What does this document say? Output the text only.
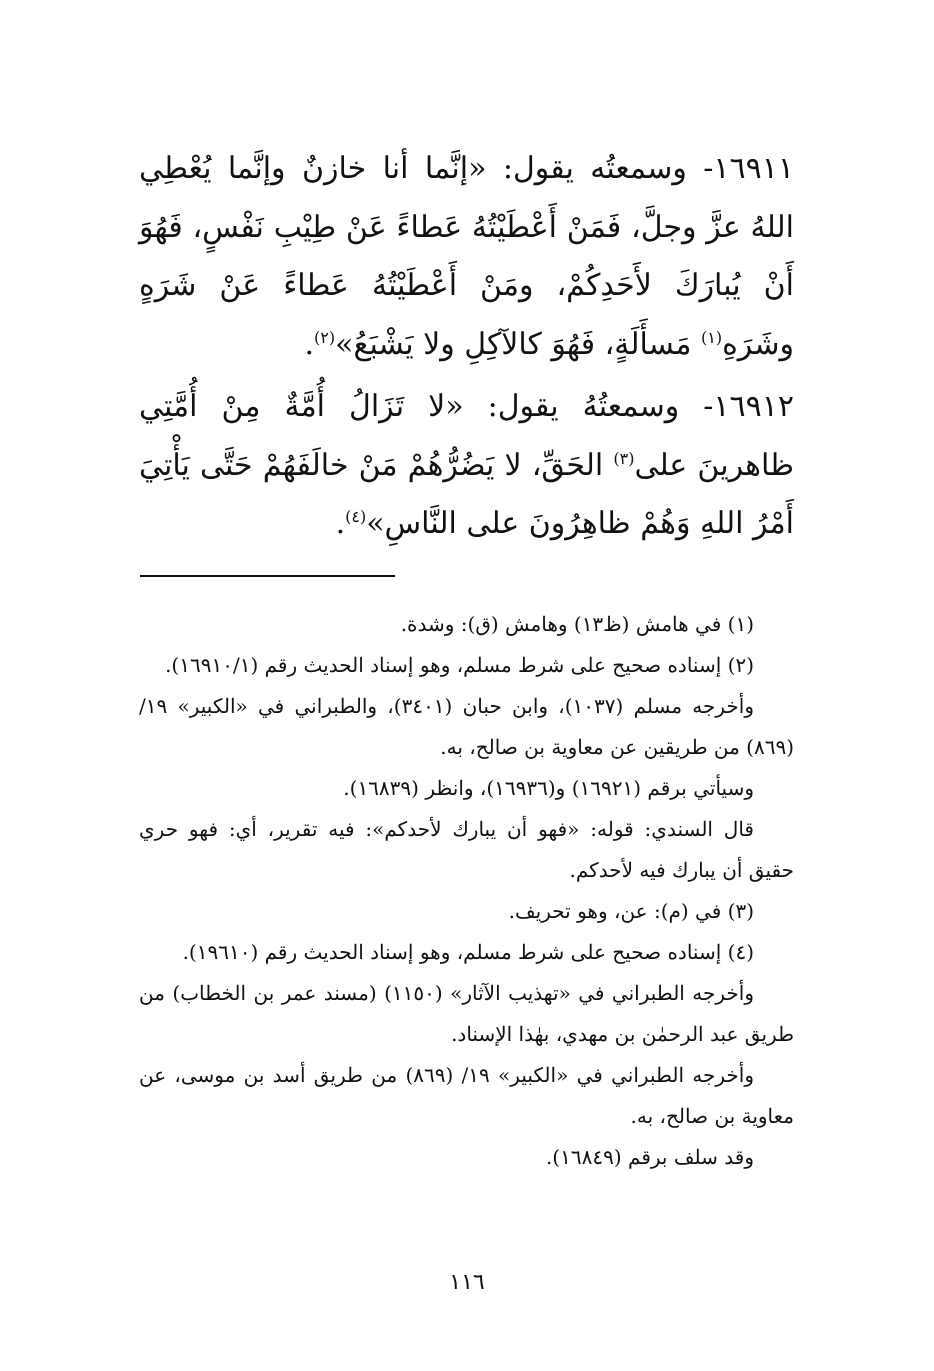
١٦٩١١- وسمعتُه يقول: «إنَّما أنا خازنٌ وإنَّما يُعْطِي اللهُ عزَّ وجلَّ، فَمَنْ أَعْطَيْتُهُ عَطاءً عَنْ طِيْبِ نَفْسٍ، فَهُوَ أَنْ يُبارَكَ لأَحَدِكُمْ، ومَنْ أَعْطَيْتُهُ عَطاءً عَنْ شَرَهٍ وشَرَهِ$^{(١)}$ مَسأَلَةٍ، فَهُوَ كالآكِلِ ولا يَشْبَعُ»$^{(٢)}$.

١٦٩١٢- وسمعتُهُ يقول: «لا تَزَالُ أُمَّةٌ مِنْ أُمَّتِي ظاهرينَ على$^{(٣)}$ الحَقِّ، لا يَضُرُّهُمْ مَنْ خالَفَهُمْ حَتَّى يَأْتِيَ أَمْرُ اللهِ وَهُمْ ظاهِرُونَ على النَّاسِ»$^{(٤)}$.

(١) في هامش (ظ١٣) وهامش (ق): وشدة.

(٢) إسناده صحيح على شرط مسلم، وهو إسناد الحديث رقم (١٦٩١٠/١).

وأخرجه مسلم (١٠٣٧)، وابن حبان (٣٤٠١)، والطبراني في «الكبير» ١٩/ (٨٦٩) من طريقين عن معاوية بن صالح، به.

وسيأتي برقم (١٦٩٢١) و(١٦٩٣٦)، وانظر (١٦٨٣٩).

قال السندي: قوله: «فهو أن يبارك لأحدكم»: فيه تقرير، أي: فهو حري حقيق أن يبارك فيه لأحدكم.

(٣) في (م): عن، وهو تحريف.

(٤) إسناده صحيح على شرط مسلم، وهو إسناد الحديث رقم (١٩٦١٠).

وأخرجه الطبراني في «تهذيب الآثار» (١١٥٠) (مسند عمر بن الخطاب) من طريق عبد الرحمٰن بن مهدي، بهٰذا الإسناد.

وأخرجه الطبراني في «الكبير» ١٩/ (٨٦٩) من طريق أسد بن موسى، عن معاوية بن صالح، به.

وقد سلف برقم (١٦٨٤٩).

١١٦
